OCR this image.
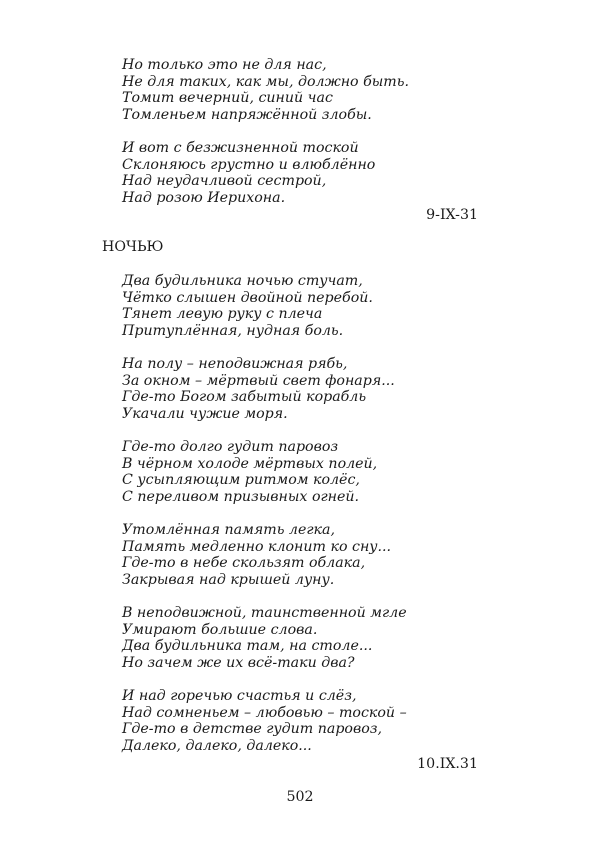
Но только это не для нас,
Не для таких, как мы, должно быть.
Томит вечерний, синий час
Томленьем напряжённой злобы.
И вот с безжизненной тоской
Склоняюсь грустно и влюблённо
Над неудачливой сестрой,
Над розою Иерихона.
9-IX-31
НОЧЬЮ
Два будильника ночью стучат,
Чётко слышен двойной перебой.
Тянет левую руку с плеча
Притуплённая, нудная боль.
На полу – неподвижная рябь,
За окном – мёртвый свет фонаря...
Где-то Богом забытый корабль
Укачали чужие моря.
Где-то долго гудит паровоз
В чёрном холоде мёртвых полей,
С усыпляющим ритмом колёс,
С переливом призывных огней.
Утомлённая память легка,
Память медленно клонит ко сну...
Где-то в небе скользят облака,
Закрывая над крышей луну.
В неподвижной, таинственной мгле
Умирают большие слова.
Два будильника там, на столе...
Но зачем же их всё-таки два?
И над горечью счастья и слёз,
Над сомненьем – любовью – тоской –
Где-то в детстве гудит паровоз,
Далеко, далеко, далеко...
10.IX.31
502
